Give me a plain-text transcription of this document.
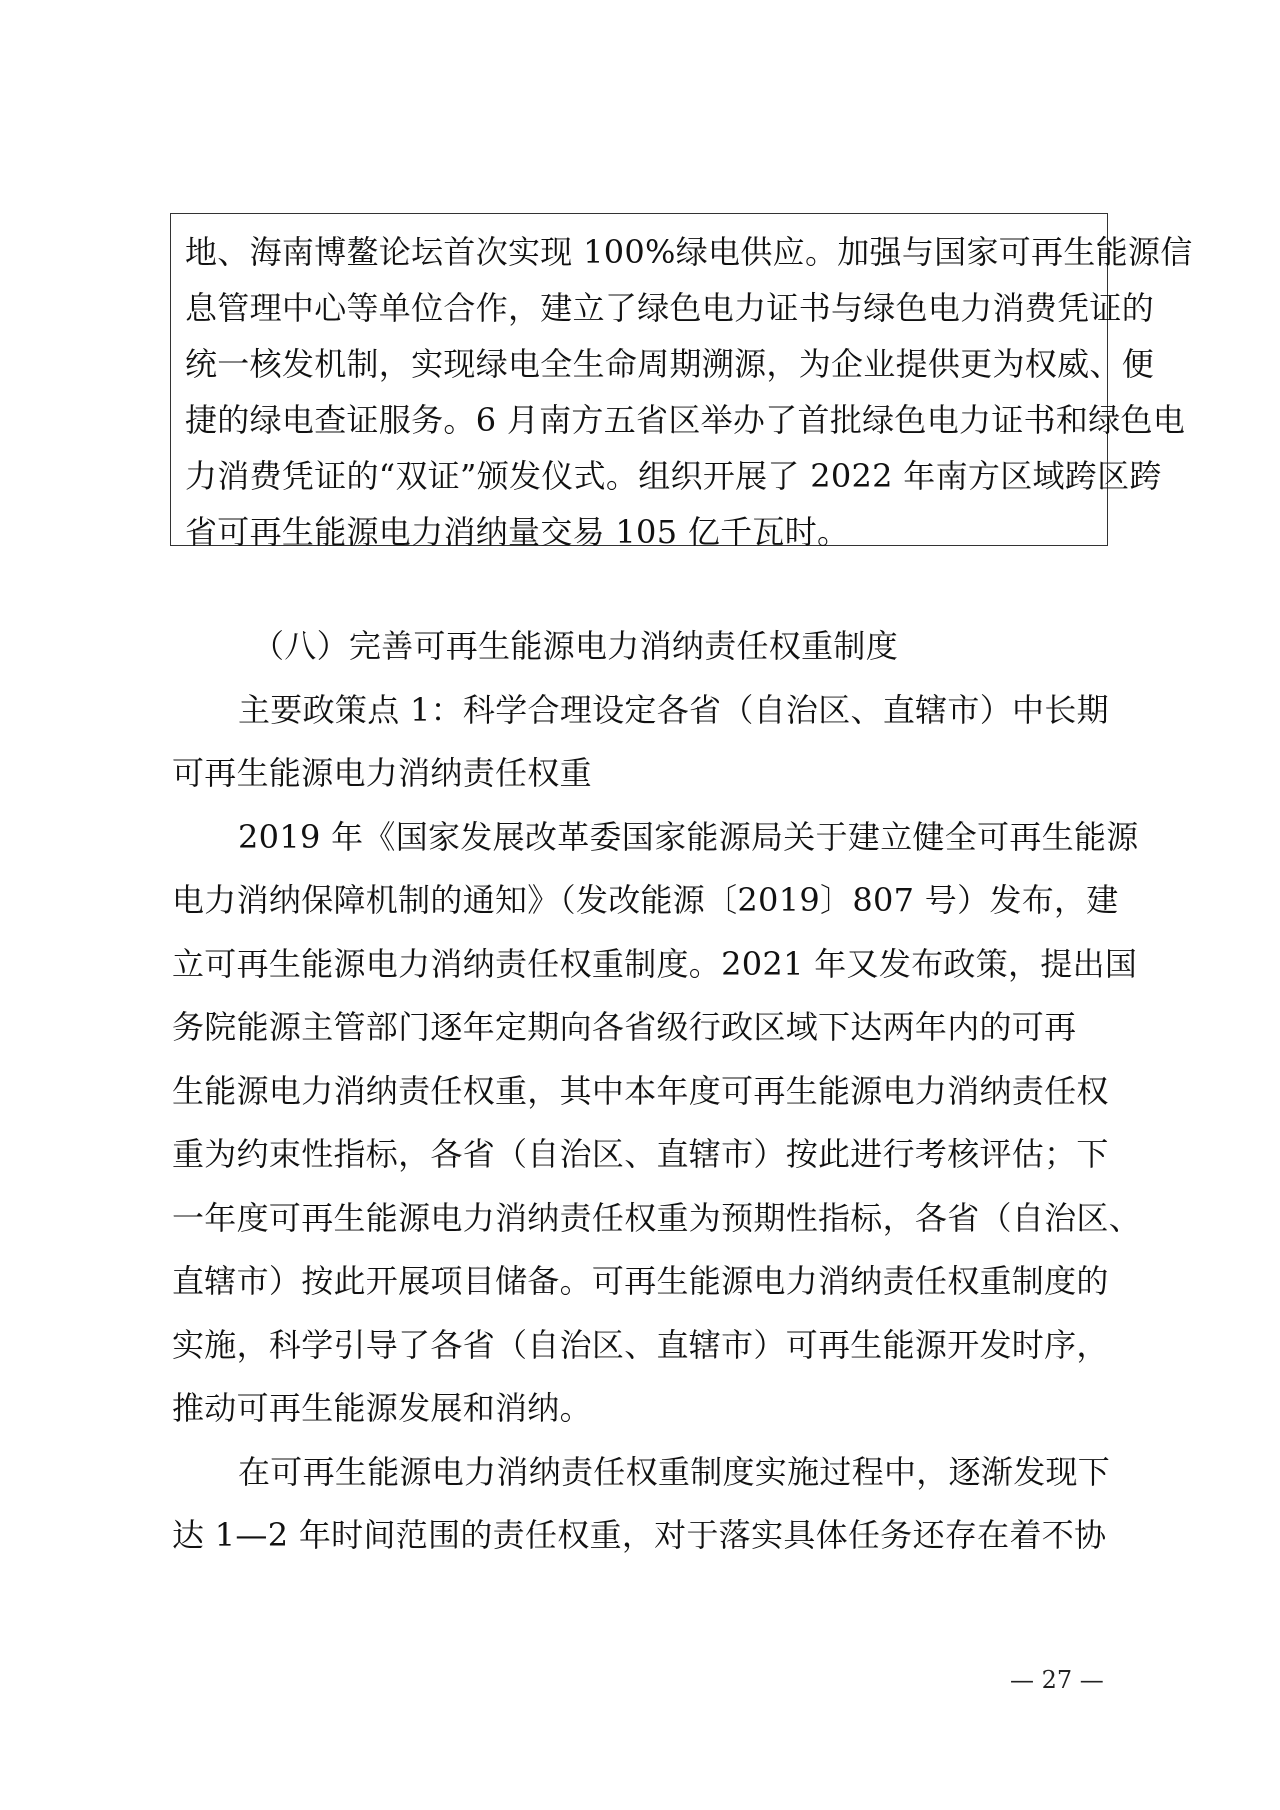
地、海南博鳌论坛首次实现 100%绿电供应。加强与国家可再生能源信
息管理中心等单位合作，建立了绿色电力证书与绿色电力消费凭证的
统一核发机制，实现绿电全生命周期溯源，为企业提供更为权威、便
捷的绿电查证服务。6 月南方五省区举办了首批绿色电力证书和绿色电
力消费凭证的“双证”颁发仪式。组织开展了 2022 年南方区域跨区跨
省可再生能源电力消纳量交易 105 亿千瓦时。
（八）完善可再生能源电力消纳责任权重制度
主要政策点 1：科学合理设定各省（自治区、直辖市）中长期
可再生能源电力消纳责任权重
2019 年《国家发展改革委国家能源局关于建立健全可再生能源
电力消纳保障机制的通知》（发改能源〔2019〕807 号）发布，建
立可再生能源电力消纳责任权重制度。2021 年又发布政策，提出国
务院能源主管部门逐年定期向各省级行政区域下达两年内的可再
生能源电力消纳责任权重，其中本年度可再生能源电力消纳责任权
重为约束性指标，各省（自治区、直辖市）按此进行考核评估；下
一年度可再生能源电力消纳责任权重为预期性指标，各省（自治区、
直辖市）按此开展项目储备。可再生能源电力消纳责任权重制度的
实施，科学引导了各省（自治区、直辖市）可再生能源开发时序，
推动可再生能源发展和消纳。
在可再生能源电力消纳责任权重制度实施过程中，逐渐发现下
达 1—2 年时间范围的责任权重，对于落实具体任务还存在着不协
— 27 —
